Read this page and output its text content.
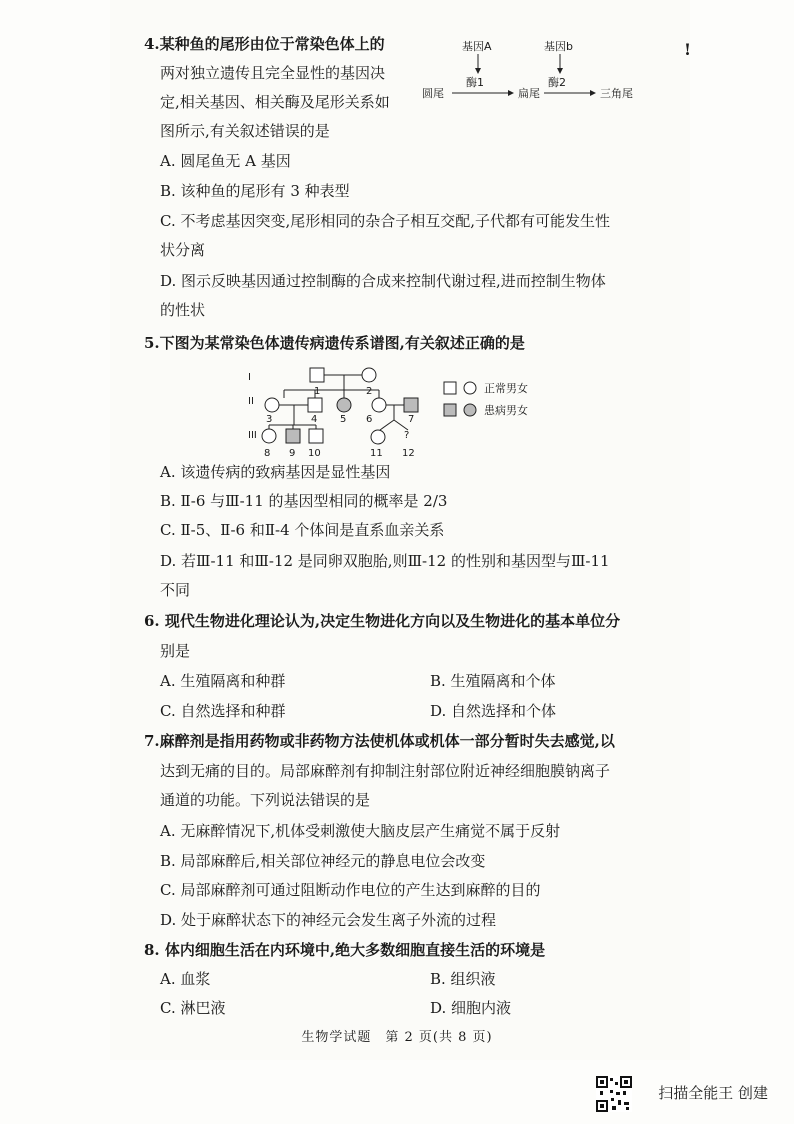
4.某种鱼的尾形由位于常染色体上的
两对独立遗传且完全显性的基因决
定,相关基因、相关酶及尾形关系如
图所示,有关叙述错误的是
基因A	基因b
酶1	酶2
圆尾	扁尾	三角尾
A. 圆尾鱼无 A 基因
B. 该种鱼的尾形有 3 种表型
C. 不考虑基因突变,尾形相同的杂合子相互交配,子代都有可能发生性
状分离
D. 图示反映基因通过控制酶的合成来控制代谢过程,进而控制生物体
的性状
5.下图为某常染色体遗传病遗传系谱图,有关叙述正确的是
I
II
III
1	2
3	4 5 6	7
?
8 9 10	11 12
正常男女
患病男女
A. 该遗传病的致病基因是显性基因
B. Ⅱ-6 与Ⅲ-11 的基因型相同的概率是 2/3
C. Ⅱ-5、Ⅱ-6 和Ⅱ-4 个体间是直系血亲关系
D. 若Ⅲ-11 和Ⅲ-12 是同卵双胞胎,则Ⅲ-12 的性别和基因型与Ⅲ-11
不同
6. 现代生物进化理论认为,决定生物进化方向以及生物进化的基本单位分
别是
A. 生殖隔离和种群	B. 生殖隔离和个体
C. 自然选择和种群	D. 自然选择和个体
7.麻醉剂是指用药物或非药物方法使机体或机体一部分暂时失去感觉,以
达到无痛的目的。局部麻醉剂有抑制注射部位附近神经细胞膜钠离子
通道的功能。下列说法错误的是
A. 无麻醉情况下,机体受刺激使大脑皮层产生痛觉不属于反射
B. 局部麻醉后,相关部位神经元的静息电位会改变
C. 局部麻醉剂可通过阻断动作电位的产生达到麻醉的目的
D. 处于麻醉状态下的神经元会发生离子外流的过程
8. 体内细胞生活在内环境中,绝大多数细胞直接生活的环境是
A. 血浆	B. 组织液
C. 淋巴液	D. 细胞内液
!
生物学试题　第 2 页(共 8 页)
扫描全能王 创建
